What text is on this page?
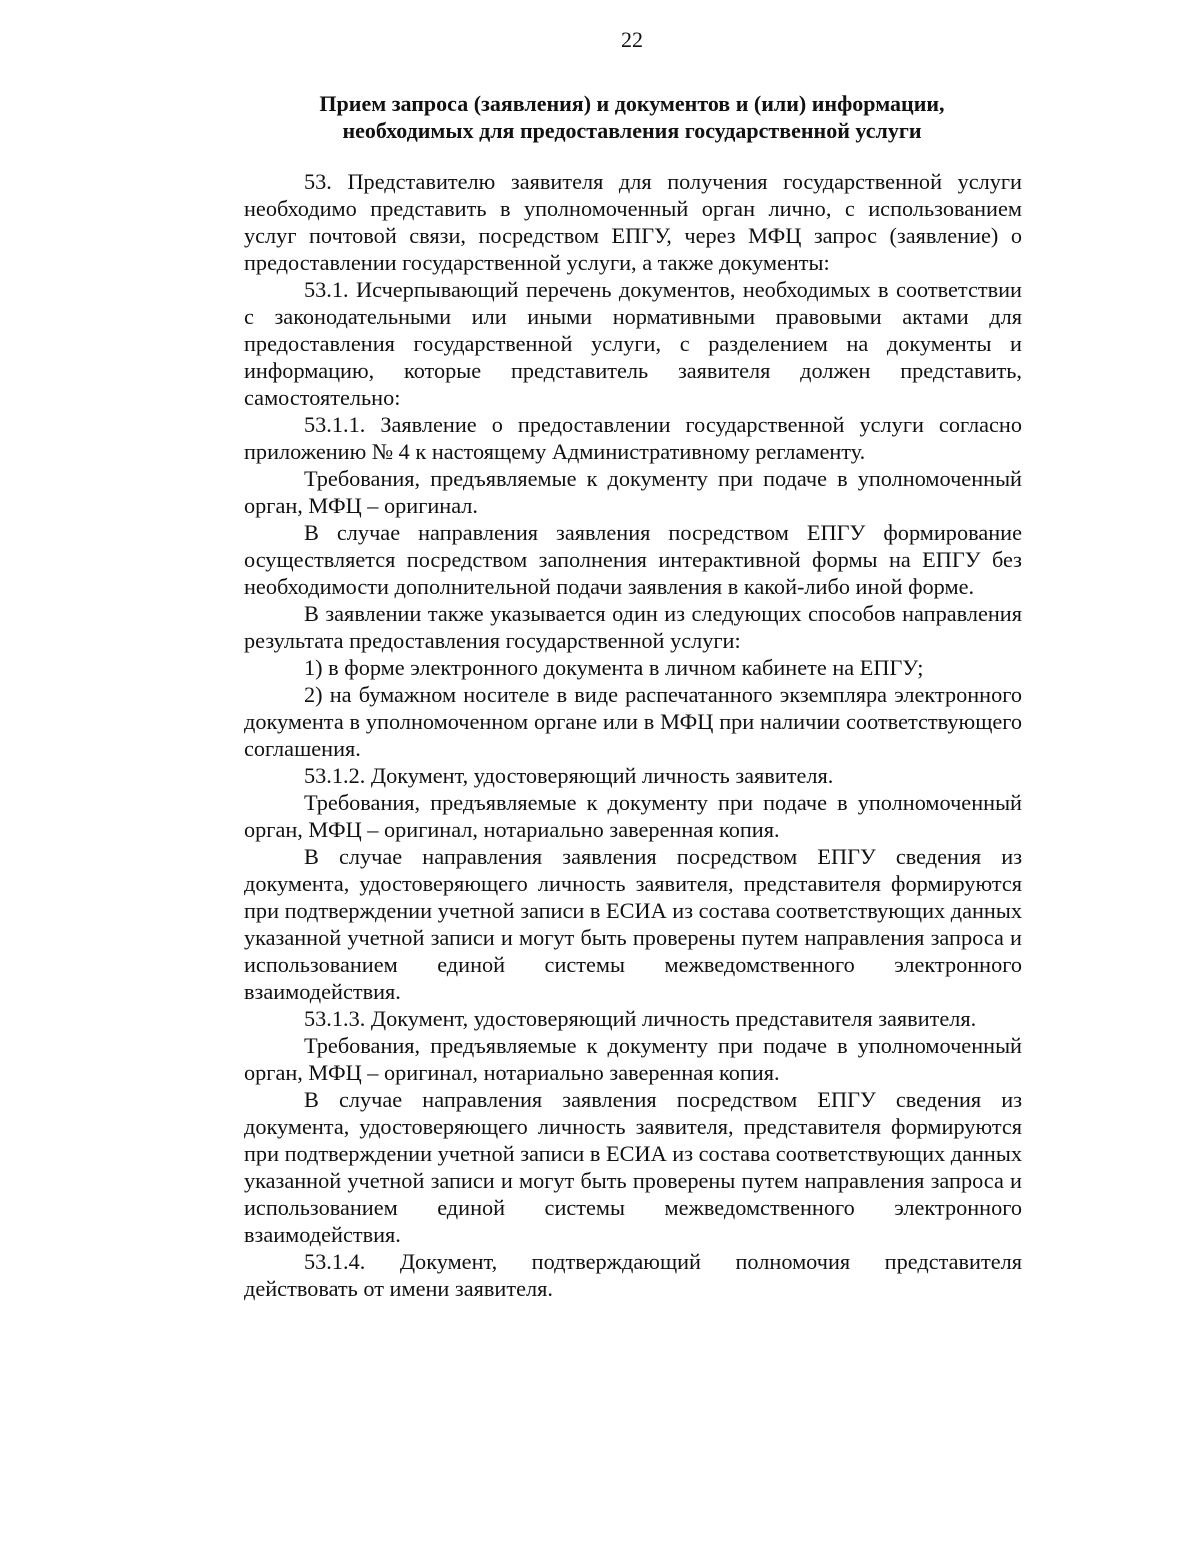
22
Прием запроса (заявления) и документов и (или) информации,
необходимых для предоставления государственной услуги

53. Представителю заявителя для получения государственной услуги необходимо представить в уполномоченный орган лично, с использованием услуг почтовой связи, посредством ЕПГУ, через МФЦ запрос (заявление) о предоставлении государственной услуги, а также документы:

53.1. Исчерпывающий перечень документов, необходимых в соответствии с законодательными или иными нормативными правовыми актами для предоставления государственной услуги, с разделением на документы и информацию, которые представитель заявителя должен представить, самостоятельно:

53.1.1. Заявление о предоставлении государственной услуги согласно приложению № 4 к настоящему Административному регламенту.

Требования, предъявляемые к документу при подаче в уполномоченный орган, МФЦ – оригинал.

В случае направления заявления посредством ЕПГУ формирование осуществляется посредством заполнения интерактивной формы на ЕПГУ без необходимости дополнительной подачи заявления в какой-либо иной форме.

В заявлении также указывается один из следующих способов направления результата предоставления государственной услуги:

1) в форме электронного документа в личном кабинете на ЕПГУ;

2) на бумажном носителе в виде распечатанного экземпляра электронного документа в уполномоченном органе или в МФЦ при наличии соответствующего соглашения.

53.1.2. Документ, удостоверяющий личность заявителя.

Требования, предъявляемые к документу при подаче в уполномоченный орган, МФЦ – оригинал, нотариально заверенная копия.

В случае направления заявления посредством ЕПГУ сведения из документа, удостоверяющего личность заявителя, представителя формируются при подтверждении учетной записи в ЕСИА из состава соответствующих данных указанной учетной записи и могут быть проверены путем направления запроса и использованием единой системы межведомственного электронного взаимодействия.

53.1.3. Документ, удостоверяющий личность представителя заявителя.

Требования, предъявляемые к документу при подаче в уполномоченный орган, МФЦ – оригинал, нотариально заверенная копия.

В случае направления заявления посредством ЕПГУ сведения из документа, удостоверяющего личность заявителя, представителя формируются при подтверждении учетной записи в ЕСИА из состава соответствующих данных указанной учетной записи и могут быть проверены путем направления запроса и использованием единой системы межведомственного электронного взаимодействия.

53.1.4. Документ, подтверждающий полномочия представителя действовать от имени заявителя.
